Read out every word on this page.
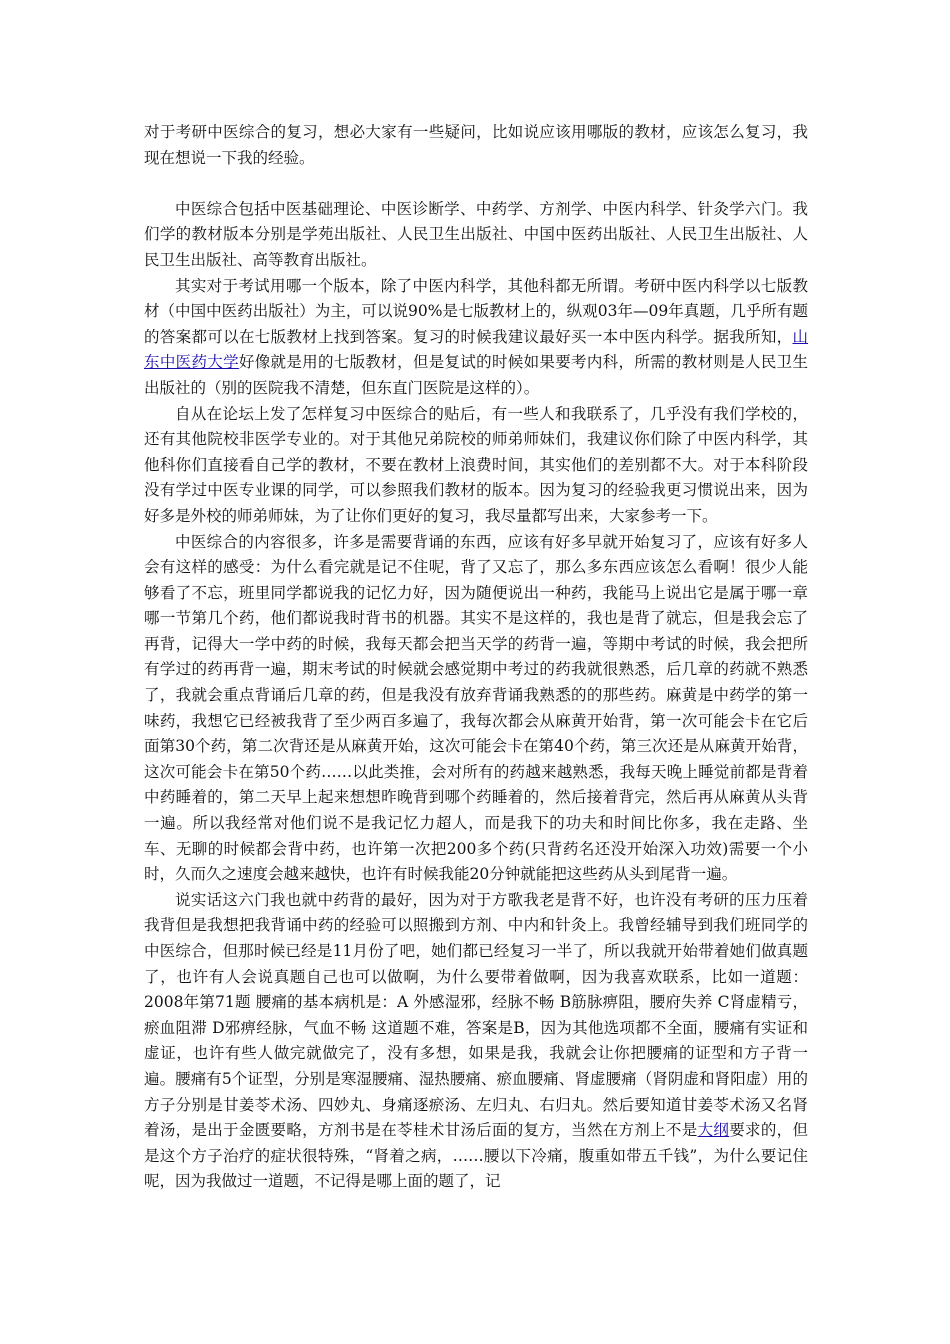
对于考研中医综合的复习，想必大家有一些疑问，比如说应该用哪版的教材，应该怎么复习，我现在想说一下我的经验。

中医综合包括中医基础理论、中医诊断学、中药学、方剂学、中医内科学、针灸学六门。我们学的教材版本分别是学苑出版社、人民卫生出版社、中国中医药出版社、人民卫生出版社、人民卫生出版社、高等教育出版社。

其实对于考试用哪一个版本，除了中医内科学，其他科都无所谓。考研中医内科学以七版教材（中国中医药出版社）为主，可以说90%是七版教材上的，纵观03年—09年真题，几乎所有题的答案都可以在七版教材上找到答案。复习的时候我建议最好买一本中医内科学。据我所知，山东中医药大学好像就是用的七版教材，但是复试的时候如果要考内科，所需的教材则是人民卫生出版社的（别的医院我不清楚，但东直门医院是这样的）。

自从在论坛上发了怎样复习中医综合的贴后，有一些人和我联系了，几乎没有我们学校的，还有其他院校非医学专业的。对于其他兄弟院校的师弟师妹们，我建议你们除了中医内科学，其他科你们直接看自己学的教材，不要在教材上浪费时间，其实他们的差别都不大。对于本科阶段没有学过中医专业课的同学，可以参照我们教材的版本。因为复习的经验我更习惯说出来，因为好多是外校的师弟师妹，为了让你们更好的复习，我尽量都写出来，大家参考一下。

中医综合的内容很多，许多是需要背诵的东西，应该有好多早就开始复习了，应该有好多人会有这样的感受：为什么看完就是记不住呢，背了又忘了，那么多东西应该怎么看啊！很少人能够看了不忘，班里同学都说我的记忆力好，因为随便说出一种药，我能马上说出它是属于哪一章哪一节第几个药，他们都说我时背书的机器。其实不是这样的，我也是背了就忘，但是我会忘了再背，记得大一学中药的时候，我每天都会把当天学的药背一遍，等期中考试的时候，我会把所有学过的药再背一遍，期末考试的时候就会感觉期中考过的药我就很熟悉，后几章的药就不熟悉了，我就会重点背诵后几章的药，但是我没有放弃背诵我熟悉的的那些药。麻黄是中药学的第一味药，我想它已经被我背了至少两百多遍了，我每次都会从麻黄开始背，第一次可能会卡在它后面第30个药，第二次背还是从麻黄开始，这次可能会卡在第40个药，第三次还是从麻黄开始背，这次可能会卡在第50个药……以此类推，会对所有的药越来越熟悉，我每天晚上睡觉前都是背着中药睡着的，第二天早上起来想想昨晚背到哪个药睡着的，然后接着背完，然后再从麻黄从头背一遍。所以我经常对他们说不是我记忆力超人，而是我下的功夫和时间比你多，我在走路、坐车、无聊的时候都会背中药，也许第一次把200多个药(只背药名还没开始深入功效)需要一个小时，久而久之速度会越来越快，也许有时候我能20分钟就能把这些药从头到尾背一遍。

说实话这六门我也就中药背的最好，因为对于方歌我老是背不好，也许没有考研的压力压着我背但是我想把我背诵中药的经验可以照搬到方剂、中内和针灸上。我曾经辅导到我们班同学的中医综合，但那时候已经是11月份了吧，她们都已经复习一半了，所以我就开始带着她们做真题了，也许有人会说真题自己也可以做啊，为什么要带着做啊，因为我喜欢联系，比如一道题：2008年第71题 腰痛的基本病机是：A 外感湿邪，经脉不畅 B筋脉痹阻，腰府失养 C肾虚精亏，瘀血阻滞 D邪痹经脉，气血不畅 这道题不难，答案是B，因为其他选项都不全面，腰痛有实证和虚证，也许有些人做完就做完了，没有多想，如果是我，我就会让你把腰痛的证型和方子背一遍。腰痛有5个证型，分别是寒湿腰痛、湿热腰痛、瘀血腰痛、肾虚腰痛（肾阴虚和肾阳虚）用的方子分别是甘姜苓术汤、四妙丸、身痛逐瘀汤、左归丸、右归丸。然后要知道甘姜苓术汤又名肾着汤，是出于金匮要略，方剂书是在苓桂术甘汤后面的复方，当然在方剂上不是大纲要求的，但是这个方子治疗的症状很特殊，“肾着之病，……腰以下冷痛，腹重如带五千钱”，为什么要记住呢，因为我做过一道题，不记得是哪上面的题了，记
